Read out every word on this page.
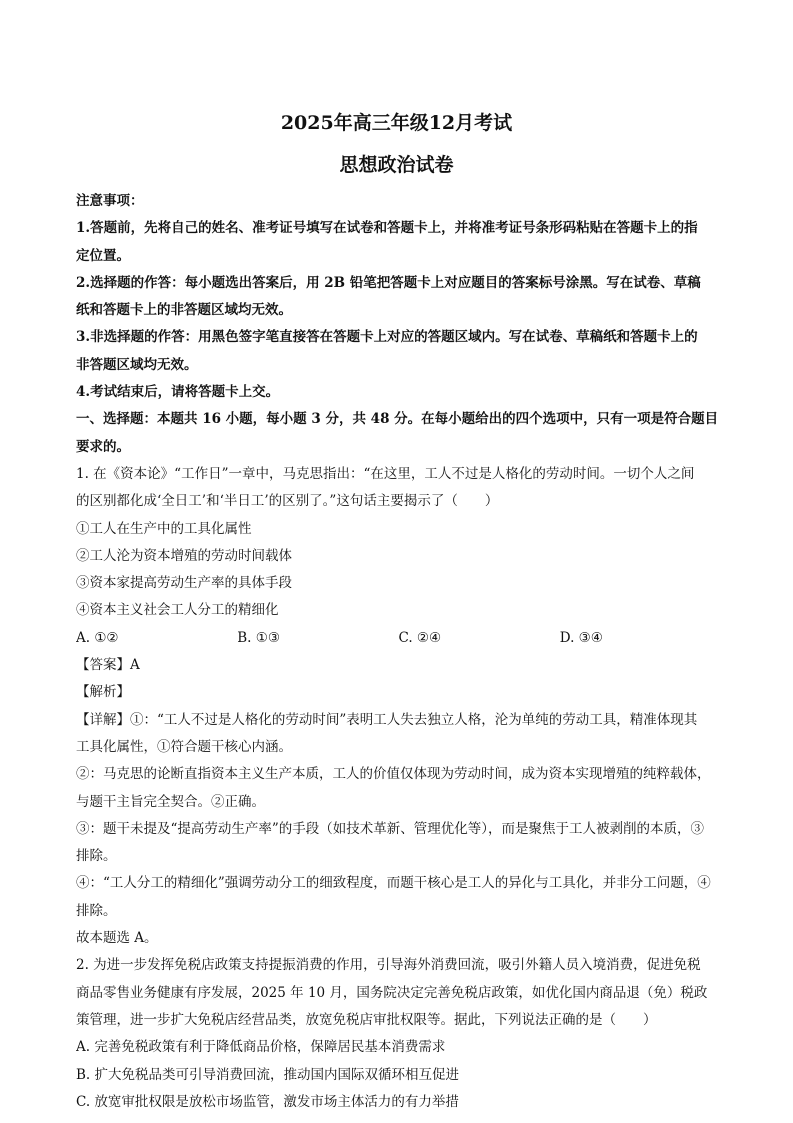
2025年高三年级12月考试
思想政治试卷
注意事项：
1.答题前，先将自己的姓名、准考证号填写在试卷和答题卡上，并将准考证号条形码粘贴在答题卡上的指
定位置。
2.选择题的作答：每小题选出答案后，用 2B 铅笔把答题卡上对应题目的答案标号涂黑。写在试卷、草稿
纸和答题卡上的非答题区域均无效。
3.非选择题的作答：用黑色签字笔直接答在答题卡上对应的答题区域内。写在试卷、草稿纸和答题卡上的
非答题区域均无效。
4.考试结束后，请将答题卡上交。
一、选择题：本题共 16 小题，每小题 3 分，共 48 分。在每小题给出的四个选项中，只有一项是符合题目
要求的。
1. 在《资本论》“工作日”一章中，马克思指出：“在这里，工人不过是人格化的劳动时间。一切个人之间
的区别都化成‘全日工’和‘半日工’的区别了。”这句话主要揭示了（　　）
①工人在生产中的工具化属性
②工人沦为资本增殖的劳动时间载体
③资本家提高劳动生产率的具体手段
④资本主义社会工人分工的精细化
A. ①②	B. ①③	C. ②④	D. ③④
【答案】A
【解析】
【详解】①：“工人不过是人格化的劳动时间”表明工人失去独立人格，沦为单纯的劳动工具，精准体现其
工具化属性，①符合题干核心内涵。
②：马克思的论断直指资本主义生产本质，工人的价值仅体现为劳动时间，成为资本实现增殖的纯粹载体，
与题干主旨完全契合。②正确。
③：题干未提及“提高劳动生产率”的手段（如技术革新、管理优化等），而是聚焦于工人被剥削的本质，③
排除。
④：“工人分工的精细化”强调劳动分工的细致程度，而题干核心是工人的异化与工具化，并非分工问题，④
排除。
故本题选 A。
2. 为进一步发挥免税店政策支持提振消费的作用，引导海外消费回流，吸引外籍人员入境消费，促进免税
商品零售业务健康有序发展，2025 年 10 月，国务院决定完善免税店政策，如优化国内商品退（免）税政
策管理，进一步扩大免税店经营品类，放宽免税店审批权限等。据此，下列说法正确的是（　　）
A. 完善免税政策有利于降低商品价格，保障居民基本消费需求
B. 扩大免税品类可引导消费回流，推动国内国际双循环相互促进
C. 放宽审批权限是放松市场监管，激发市场主体活力的有力举措
